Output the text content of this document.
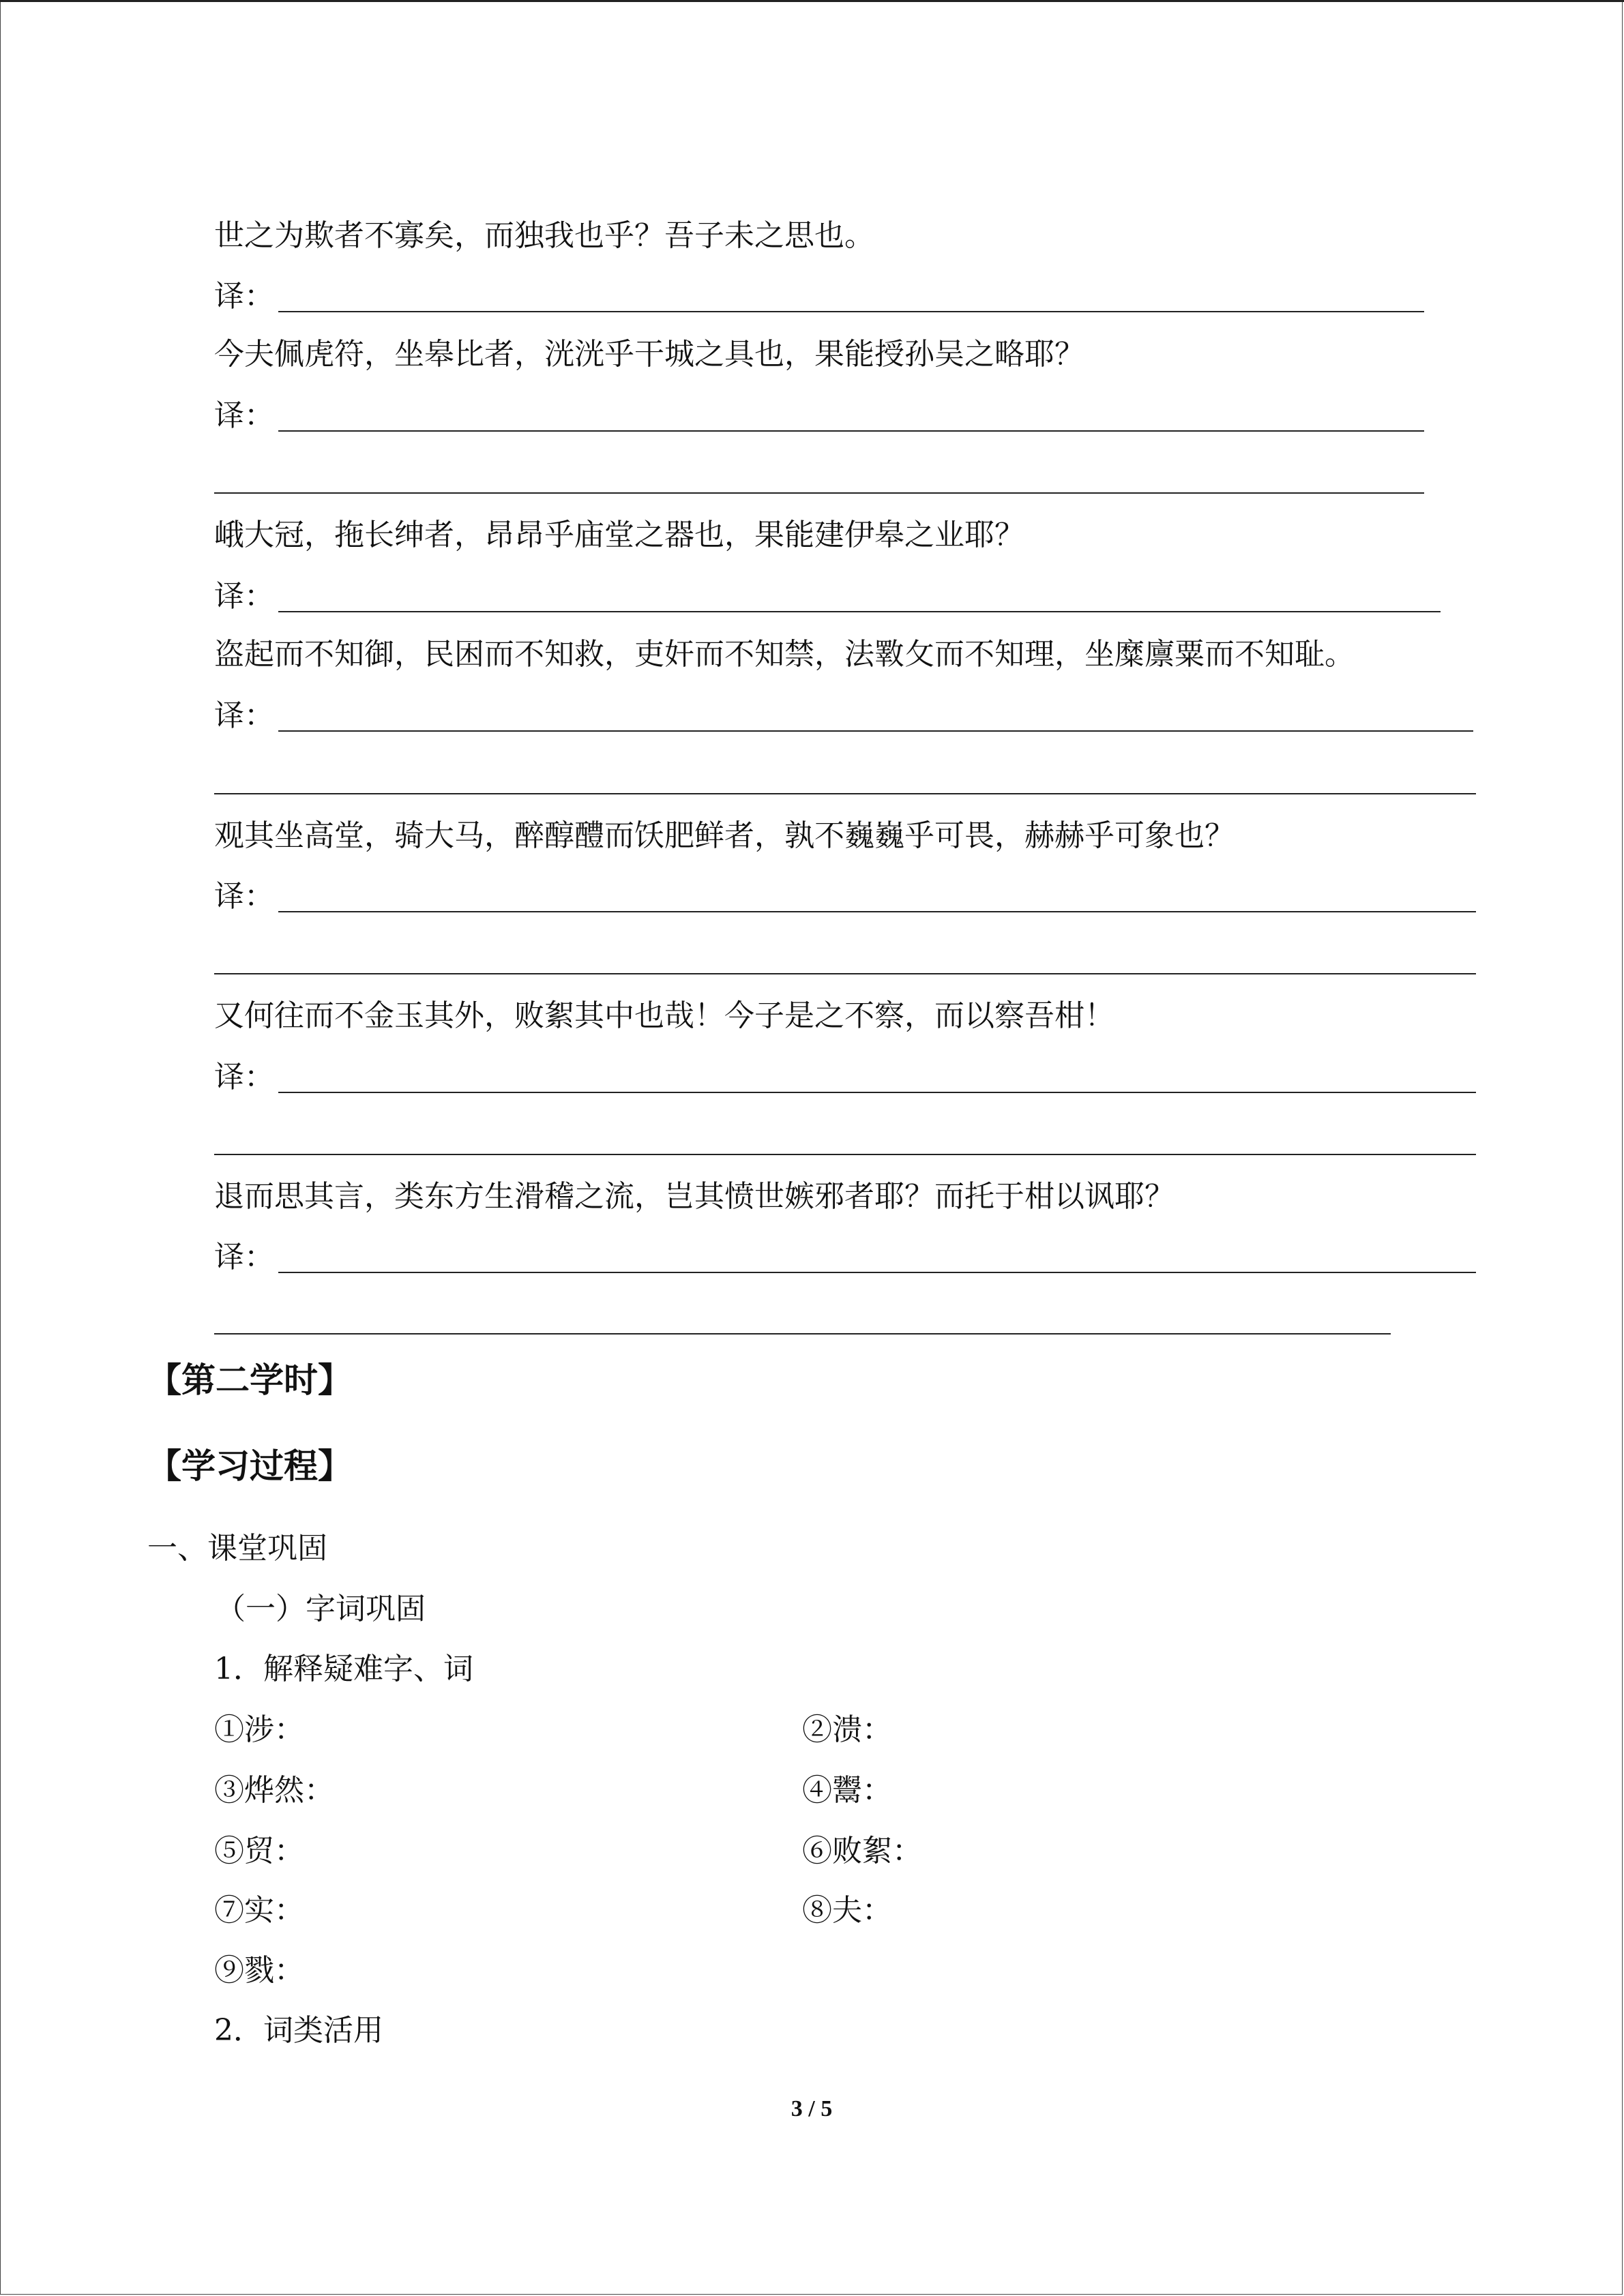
世之为欺者不寡矣，而独我也乎？吾子未之思也。
译：
今夫佩虎符，坐皋比者，洸洸乎干城之具也，果能授孙吴之略耶？
译：
峨大冠，拖长绅者，昂昂乎庙堂之器也，果能建伊皋之业耶？
译：
盗起而不知御，民困而不知救，吏奸而不知禁，法斁攵而不知理，坐糜廪粟而不知耻。
译：
观其坐高堂，骑大马，醉醇醴而饫肥鲜者，孰不巍巍乎可畏，赫赫乎可象也？
译：
又何往而不金玉其外，败絮其中也哉！今子是之不察，而以察吾柑！
译：
退而思其言，类东方生滑稽之流，岂其愤世嫉邪者耶？而托于柑以讽耶？
译：
【第二学时】
【学习过程】
一、课堂巩固
（一）字词巩固
1．解释疑难字、词
①涉：
③烨然：
⑤贸：
⑦实：
⑨戮：
②溃：
④鬻：
⑥败絮：
⑧夫：
2．词类活用
3 / 5
